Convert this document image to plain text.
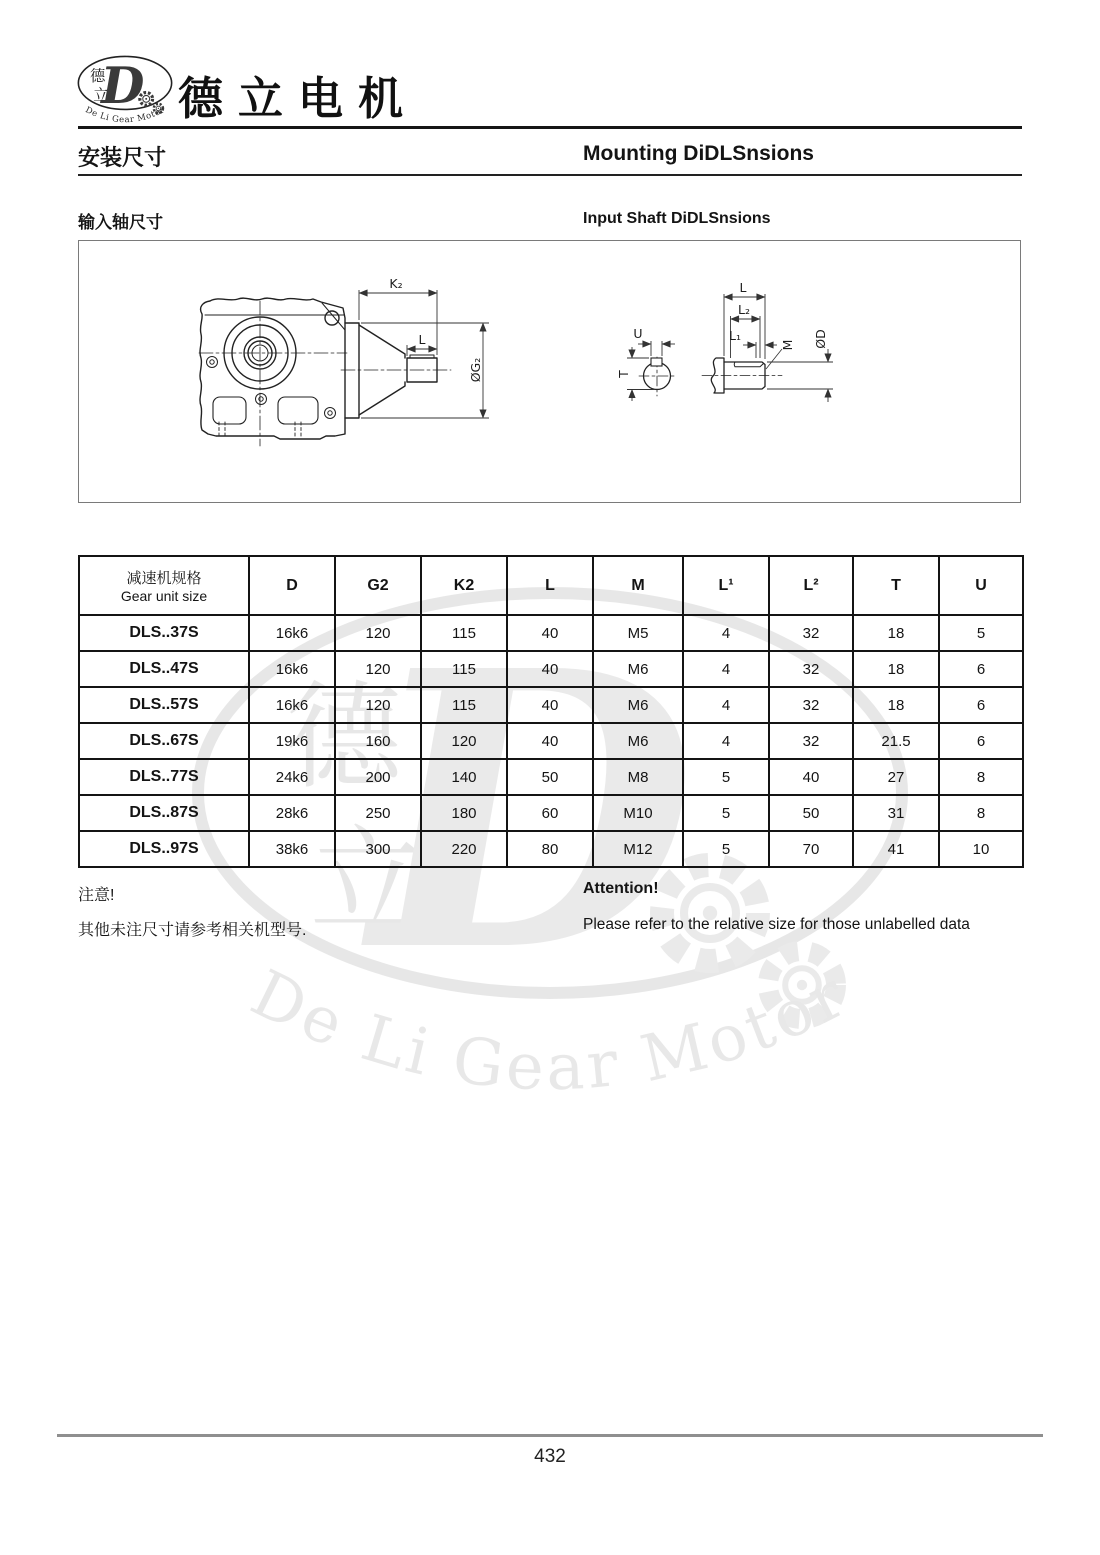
德立电机
安装尺寸	Mounting DiDLSnsions
输入轴尺寸	Input Shaft DiDLSnsions
K₂
L
ØG₂
U
T
L
L₂
L₁
M ØD
减速机规格
Gear unit size	D	G2	K2	L	M	L¹	L²	T	U
DLS..37S	16k6	120	115	40	M5	4	32	18	5
DLS..47S	16k6	120	115	40	M6	4	32	18	6
DLS..57S	16k6	120	115	40	M6	4	32	18	6
DLS..67S	19k6	160	120	40	M6	4	32	21.5	6
DLS..77S	24k6	200	140	50	M8	5	40	27	8
DLS..87S	28k6	250	180	60	M10	5	50	31	8
DLS..97S	38k6	300	220	80	M12	5	70	41	10
注意!
其他未注尺寸请参考相关机型号.
Attention!
Please refer to the relative size for those unlabelled data
432
